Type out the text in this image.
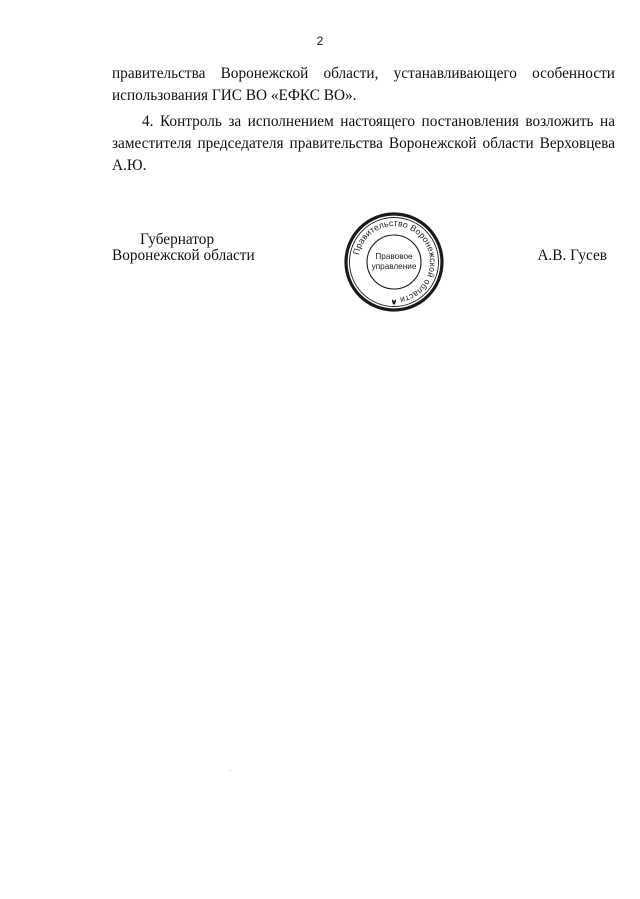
2

правительства Воронежской области, устанавливающего особенности использования ГИС ВО «ЕФКС ВО».

4. Контроль за исполнением настоящего постановления возложить на заместителя председателя правительства Воронежской области Верховцева А.Ю.

Губернатор
Воронежской области	А.В. Гусев
Правительство Воронежской области
Правовое
управление
